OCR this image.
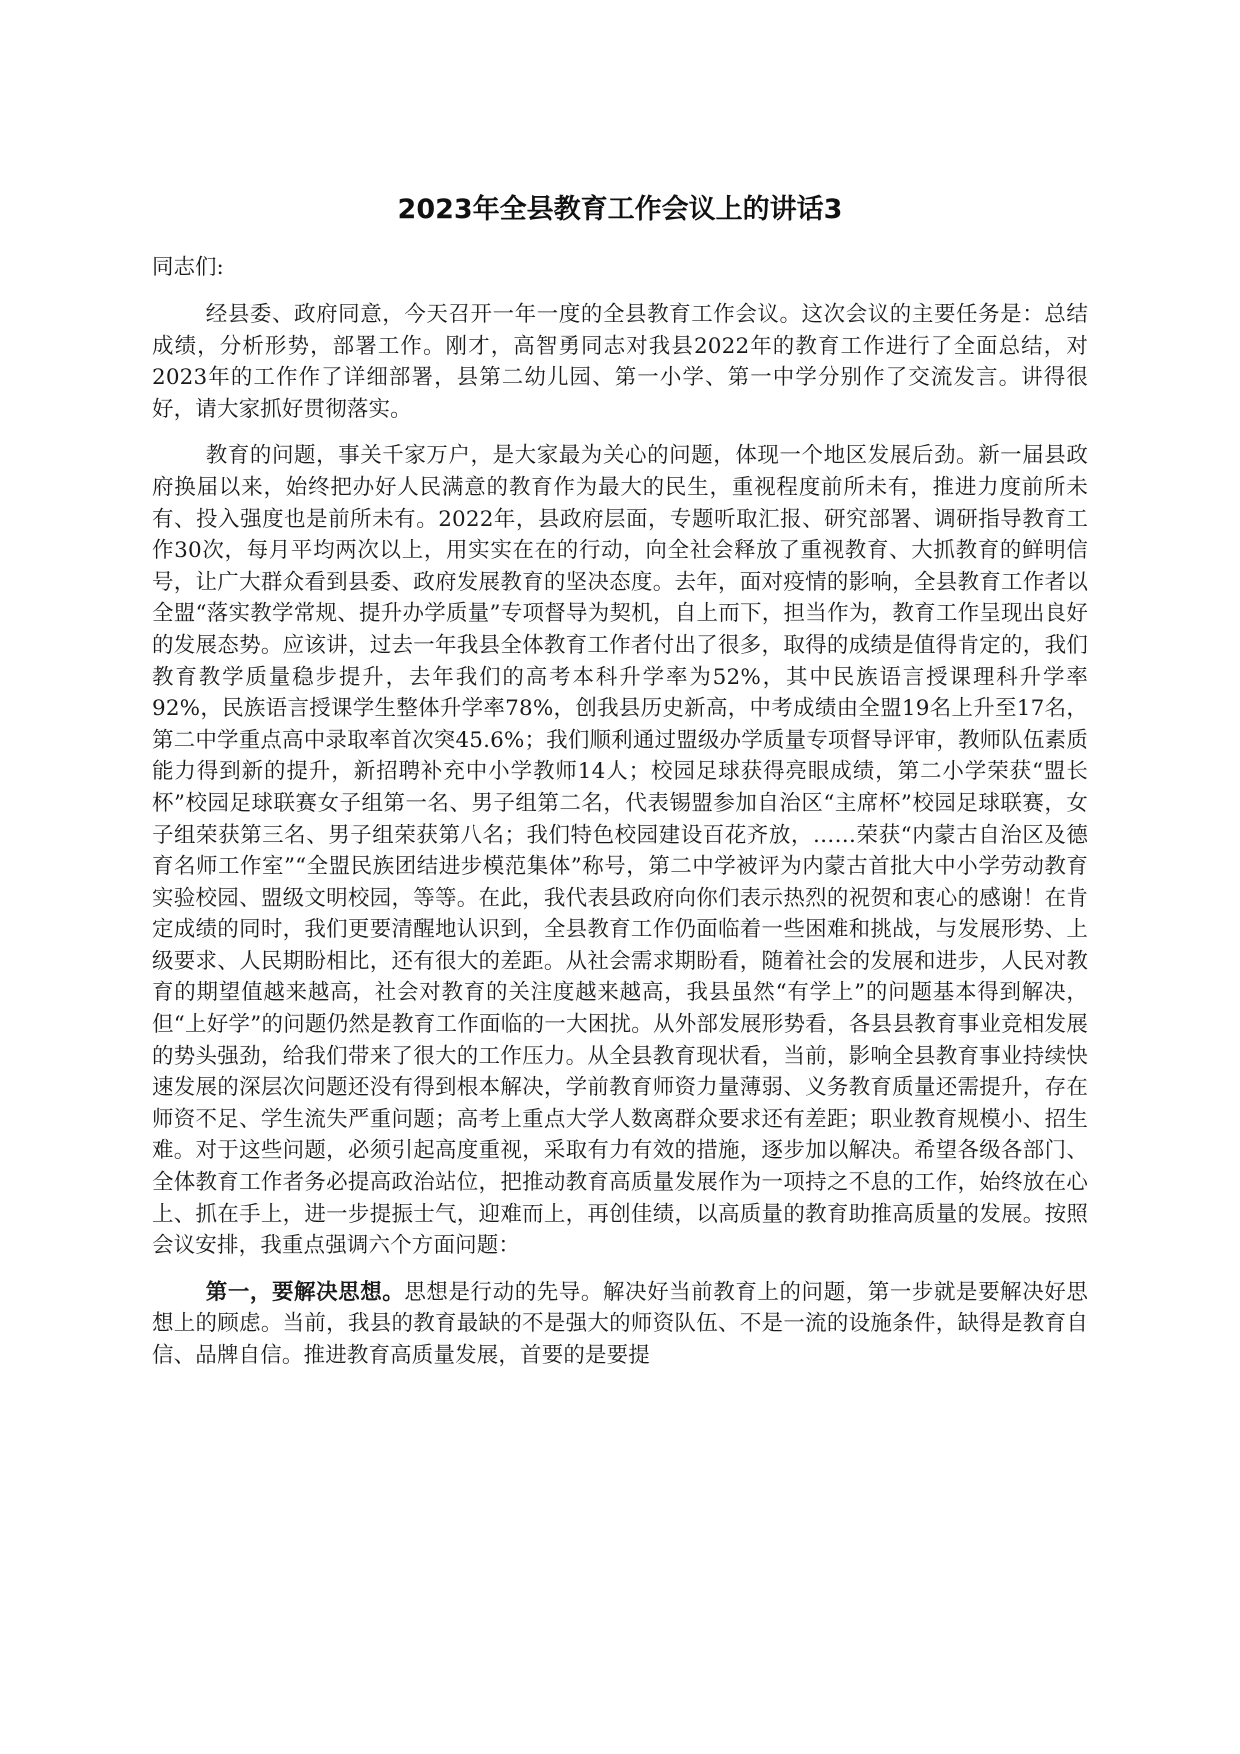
2023年全县教育工作会议上的讲话3

同志们:

经县委、政府同意，今天召开一年一度的全县教育工作会议。这次会议的主要任务是：总结成绩，分析形势，部署工作。刚才，高智勇同志对我县2022年的教育工作进行了全面总结，对2023年的工作作了详细部署，县第二幼儿园、第一小学、第一中学分别作了交流发言。讲得很好，请大家抓好贯彻落实。

教育的问题，事关千家万户，是大家最为关心的问题，体现一个地区发展后劲。新一届县政府换届以来，始终把办好人民满意的教育作为最大的民生，重视程度前所未有，推进力度前所未有、投入强度也是前所未有。2022年，县政府层面，专题听取汇报、研究部署、调研指导教育工作30次，每月平均两次以上，用实实在在的行动，向全社会释放了重视教育、大抓教育的鲜明信号，让广大群众看到县委、政府发展教育的坚决态度。去年，面对疫情的影响，全县教育工作者以全盟“落实教学常规、提升办学质量”专项督导为契机，自上而下，担当作为，教育工作呈现出良好的发展态势。应该讲，过去一年我县全体教育工作者付出了很多，取得的成绩是值得肯定的，我们教育教学质量稳步提升，去年我们的高考本科升学率为52%，其中民族语言授课理科升学率92%，民族语言授课学生整体升学率78%，创我县历史新高，中考成绩由全盟19名上升至17名，第二中学重点高中录取率首次突45.6%；我们顺利通过盟级办学质量专项督导评审，教师队伍素质能力得到新的提升，新招聘补充中小学教师14人；校园足球获得亮眼成绩，第二小学荣获“盟长杯”校园足球联赛女子组第一名、男子组第二名，代表锡盟参加自治区“主席杯”校园足球联赛，女子组荣获第三名、男子组荣获第八名；我们特色校园建设百花齐放，……荣获“内蒙古自治区及德育名师工作室”“全盟民族团结进步模范集体”称号，第二中学被评为内蒙古首批大中小学劳动教育实验校园、盟级文明校园，等等。在此，我代表县政府向你们表示热烈的祝贺和衷心的感谢！在肯定成绩的同时，我们更要清醒地认识到，全县教育工作仍面临着一些困难和挑战，与发展形势、上级要求、人民期盼相比，还有很大的差距。从社会需求期盼看，随着社会的发展和进步，人民对教育的期望值越来越高，社会对教育的关注度越来越高，我县虽然“有学上”的问题基本得到解决，但“上好学”的问题仍然是教育工作面临的一大困扰。从外部发展形势看，各县县教育事业竞相发展的势头强劲，给我们带来了很大的工作压力。从全县教育现状看，当前，影响全县教育事业持续快速发展的深层次问题还没有得到根本解决，学前教育师资力量薄弱、义务教育质量还需提升，存在师资不足、学生流失严重问题；高考上重点大学人数离群众要求还有差距；职业教育规模小、招生难。对于这些问题，必须引起高度重视，采取有力有效的措施，逐步加以解决。希望各级各部门、全体教育工作者务必提高政治站位，把推动教育高质量发展作为一项持之不息的工作，始终放在心上、抓在手上，进一步提振士气，迎难而上，再创佳绩，以高质量的教育助推高质量的发展。按照会议安排，我重点强调六个方面问题：

第一，要解决思想。思想是行动的先导。解决好当前教育上的问题，第一步就是要解决好思想上的顾虑。当前，我县的教育最缺的不是强大的师资队伍、不是一流的设施条件，缺得是教育自信、品牌自信。推进教育高质量发展，首要的是要提
